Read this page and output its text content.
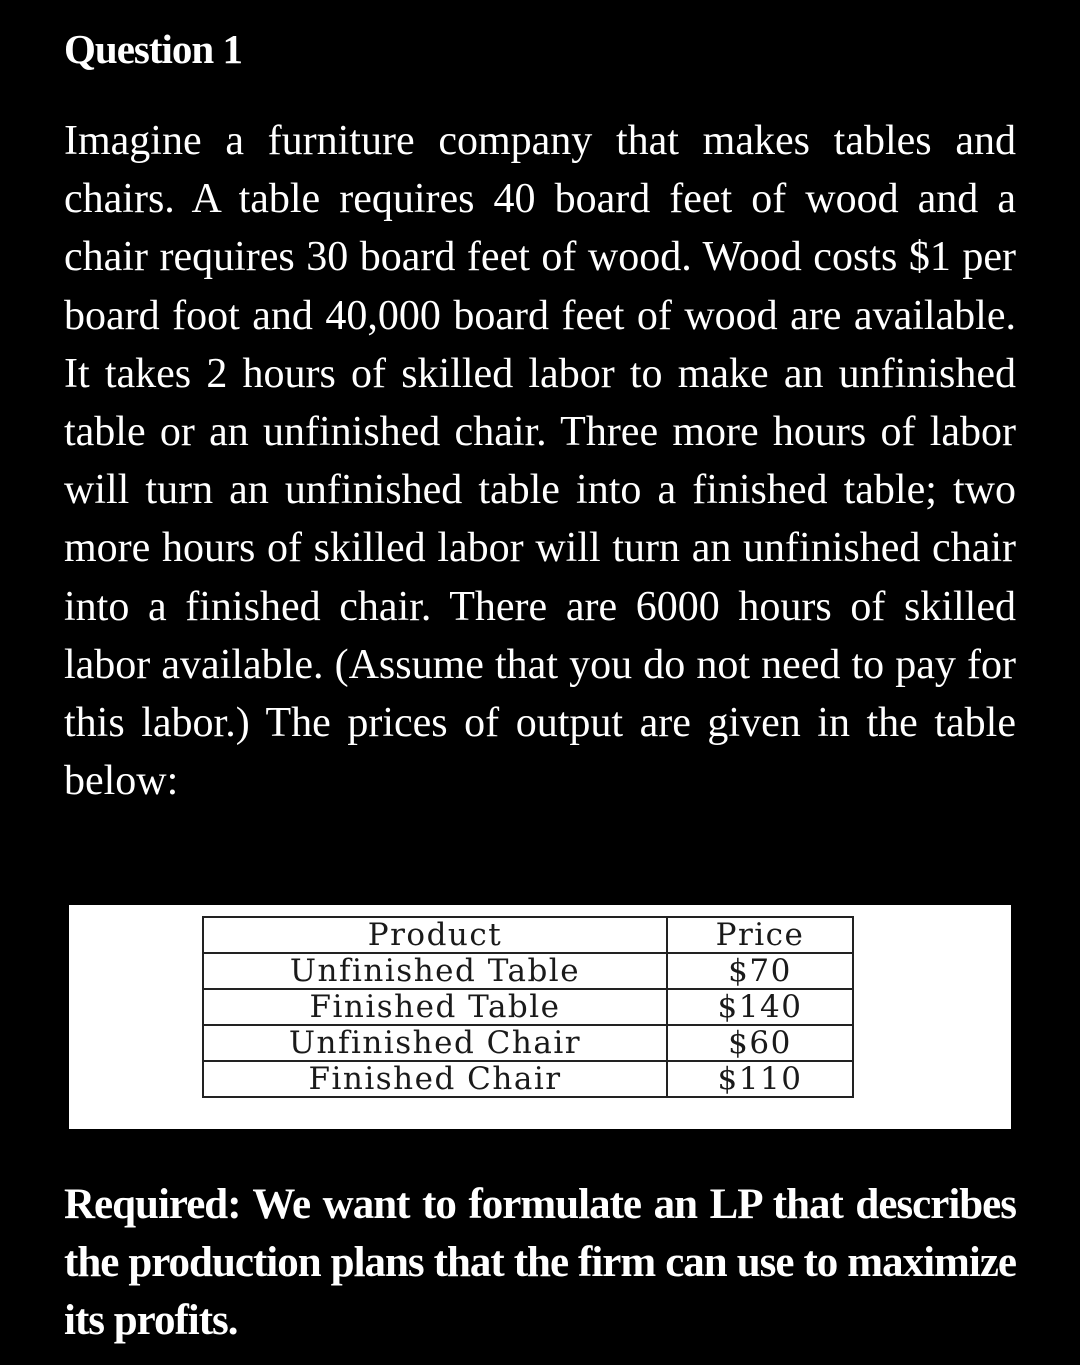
Question 1
Imagine a furniture company that makes tables and chairs. A table requires 40 board feet of wood and a chair requires 30 board feet of wood. Wood costs $1 per board foot and 40,000 board feet of wood are available. It takes 2 hours of skilled labor to make an unfinished table or an unfinished chair. Three more hours of labor will turn an unfinished table into a finished table; two more hours of skilled labor will turn an unfinished chair into a finished chair. There are 6000 hours of skilled labor available. (Assume that you do not need to pay for this labor.) The prices of output are given in the table below:
Product	Price
Unfinished Table	$70
Finished Table	$140
Unfinished Chair	$60
Finished Chair	$110
Required: We want to formulate an LP that describes the production plans that the firm can use to maximize its profits.
